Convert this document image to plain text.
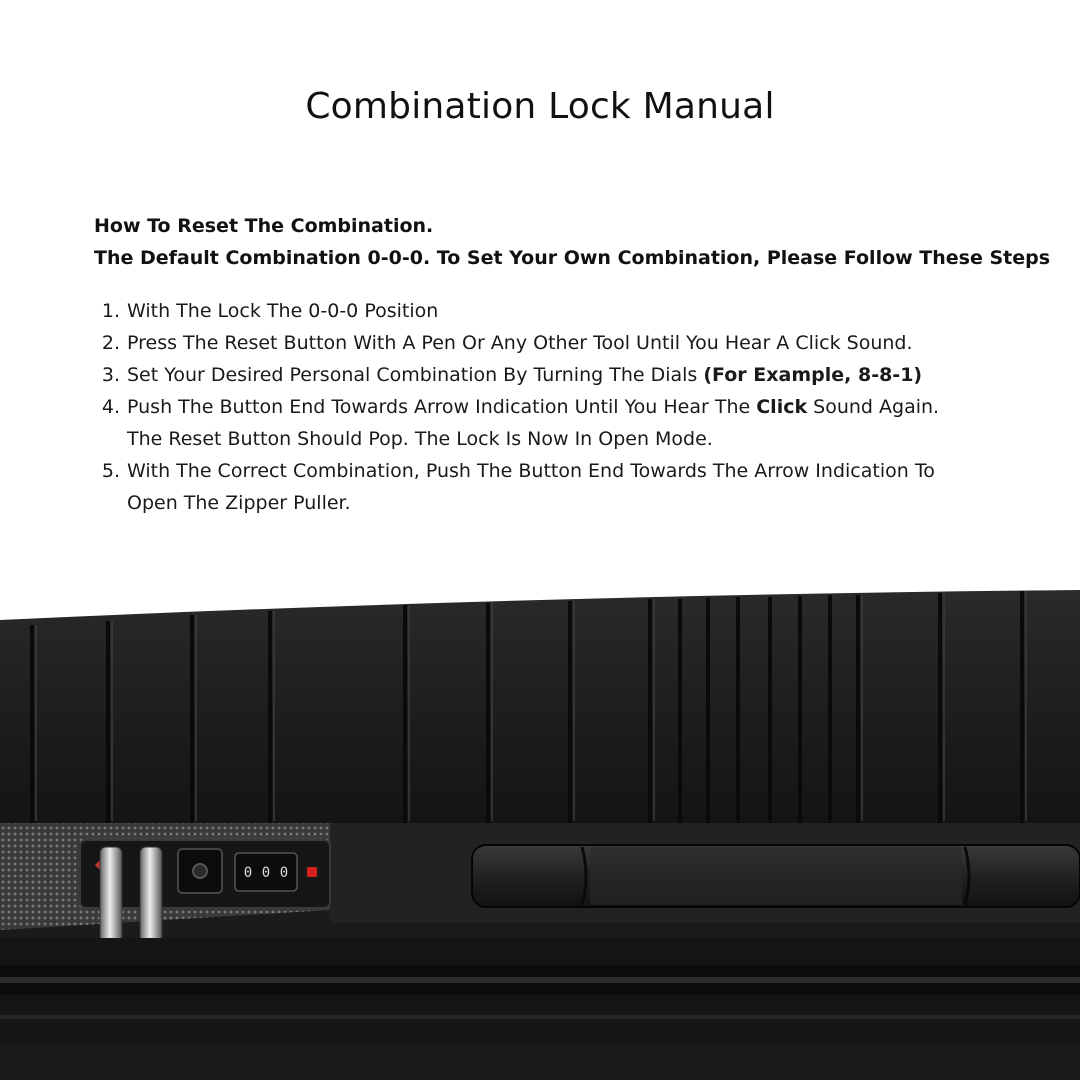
Combination Lock Manual
How To Reset The Combination.
The Default Combination 0-0-0. To Set Your Own Combination, Please Follow These Steps
1. With The Lock The 0-0-0 Position
2. Press The Reset Button With A Pen Or Any Other Tool Until You Hear A Click Sound.
3. Set Your Desired Personal Combination By Turning The Dials (For Example, 8-8-1)
4. Push The Button End Towards Arrow Indication Until You Hear The Click Sound Again.
The Reset Button Should Pop. The Lock Is Now In Open Mode.
5. With The Correct Combination, Push The Button End Towards The Arrow Indication To
Open The Zipper Puller.
0 0 0
